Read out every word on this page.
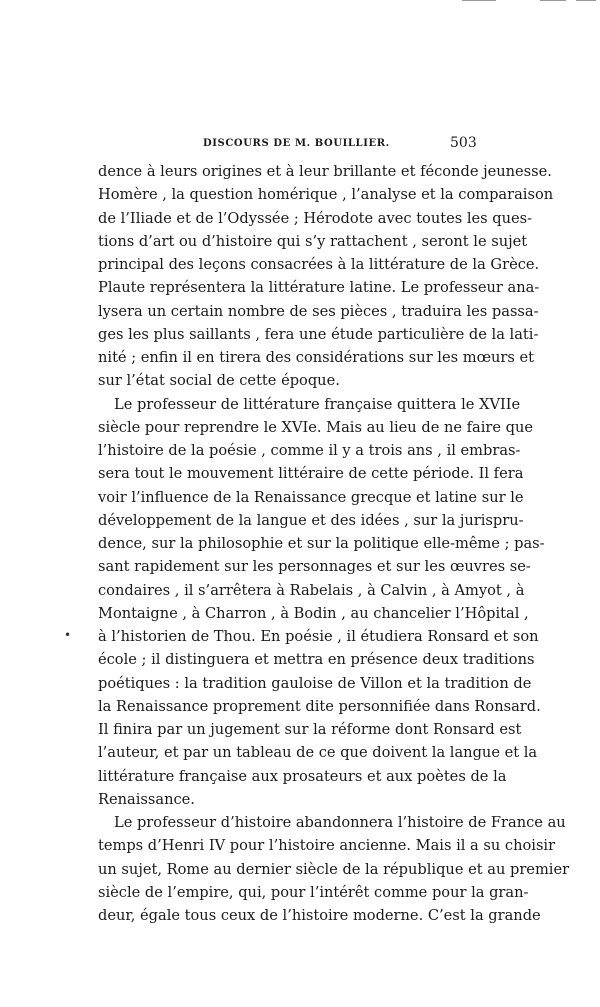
DISCOURS DE M. BOUILLIER.	503
•
dence à leurs origines et à leur brillante et féconde jeunesse.
Homère , la question homérique , l’analyse et la comparaison
de l’Iliade et de l’Odyssée ; Hérodote avec toutes les ques-
tions d’art ou d’histoire qui s’y rattachent , seront le sujet
principal des leçons consacrées à la littérature de la Grèce.
Plaute représentera la littérature latine. Le professeur ana-
lysera un certain nombre de ses pièces , traduira les passa-
ges les plus saillants , fera une étude particulière de la lati-
nité ; enfin il en tirera des considérations sur les mœurs et
sur l’état social de cette époque.
Le professeur de littérature française quittera le XVIIe
siècle pour reprendre le XVIe. Mais au lieu de ne faire que
l’histoire de la poésie , comme il y a trois ans , il embras-
sera tout le mouvement littéraire de cette période. Il fera
voir l’influence de la Renaissance grecque et latine sur le
développement de la langue et des idées , sur la jurispru-
dence, sur la philosophie et sur la politique elle-même ; pas-
sant rapidement sur les personnages et sur les œuvres se-
condaires , il s’arrêtera à Rabelais , à Calvin , à Amyot , à
Montaigne , à Charron , à Bodin , au chancelier l’Hôpital ,
à l’historien de Thou. En poésie , il étudiera Ronsard et son
école ; il distinguera et mettra en présence deux traditions
poétiques : la tradition gauloise de Villon et la tradition de
la Renaissance proprement dite personnifiée dans Ronsard.
Il finira par un jugement sur la réforme dont Ronsard est
l’auteur, et par un tableau de ce que doivent la langue et la
littérature française aux prosateurs et aux poètes de la
Renaissance.
Le professeur d’histoire abandonnera l’histoire de France au
temps d’Henri IV pour l’histoire ancienne. Mais il a su choisir
un sujet, Rome au dernier siècle de la république et au premier
siècle de l’empire, qui, pour l’intérêt comme pour la gran-
deur, égale tous ceux de l’histoire moderne. C’est la grande
